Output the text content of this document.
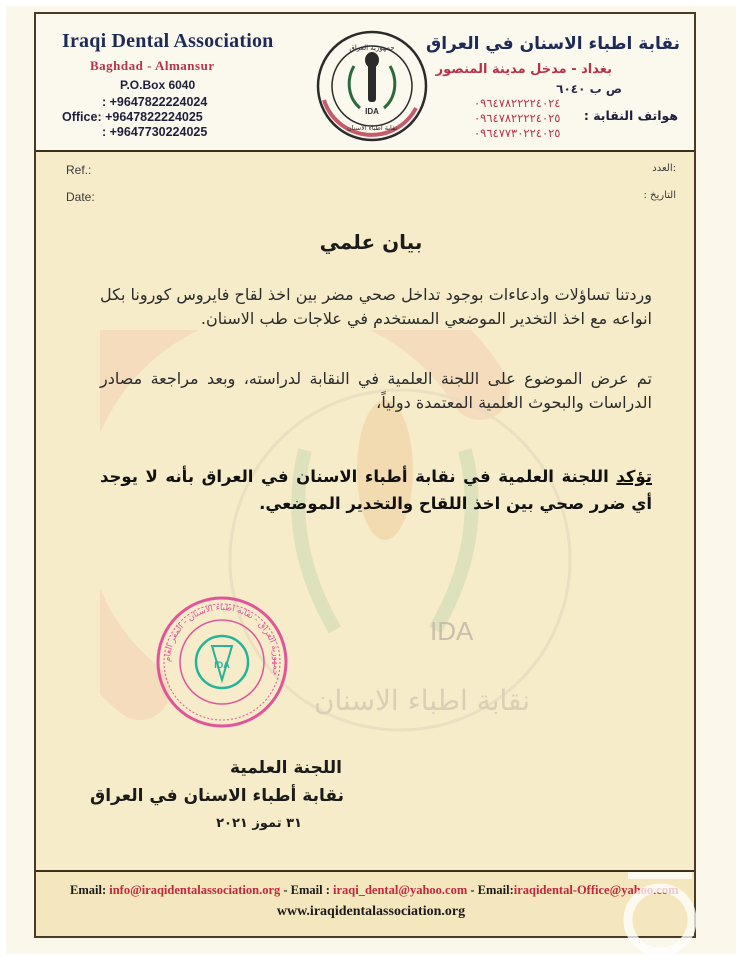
IDA
نقابة اطباء الاسنان
Iraqi Dental Association
Baghdad - Almansur
P.O.Box 6040
: +9647822224024
Office: +9647822224025
: +9647730224025
جمهورية العراق
IDA
نقابة اطباء الاسنان
نقابة اطباء الاسنان في العراق
بغداد - مدخل مدينة المنصور
ص ب ٦٠٤٠
هواتف النقابة :
٠٩٦٤٧٨٢٢٢٢٤٠٢٤
٠٩٦٤٧٨٢٢٢٢٤٠٢٥
٠٩٦٤٧٧٣٠٢٢٤٠٢٥
Ref.:
Date:
:العدد
التاريخ :
بيان علمي
وردتنا تساؤلات وادعاءات بوجود تداخل صحي مضر بين اخذ لقاح فايروس كورونا بكل انواعه مع اخذ التخدير الموضعي المستخدم في علاجات طب الاسنان.
تم عرض الموضوع على اللجنة العلمية في النقابة لدراسته، وبعد مراجعة مصادر الدراسات والبحوث العلمية المعتمدة دولياً،
تؤكد اللجنة العلمية في نقابة أطباء الاسنان في العراق بأنه لا يوجد أي ضرر صحي بين اخذ اللقاح والتخدير الموضعي.
جمهورية العراق - نقابة اطباء الاسنان - المقر العام
IDA
اللجنة العلمية
نقابة أطباء الاسنان في العراق
٣١ تموز ٢٠٢١
Email: info@iraqidentalassociation.org - Email : iraqi_dental@yahoo.com - Email:iraqidental-Office@yahoo.com
www.iraqidentalassociation.org
